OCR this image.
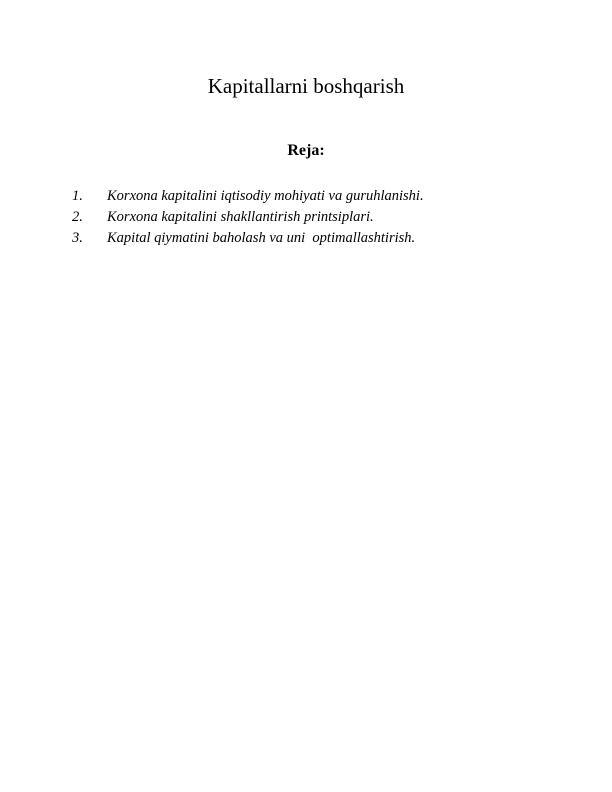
Kapitallarni boshqarish
Reja:

1.

Korxona kapitalini iqtisodiy mohiyati va guruhlanishi.

2.

Korxona kapitalini shakllantirish printsiplari.

3.

Kapital qiymatini baholash va uni  optimallashtirish.
